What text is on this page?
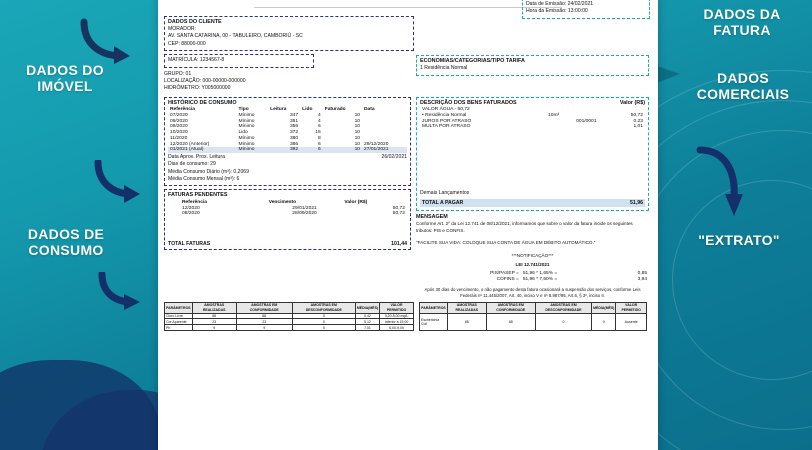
DADOS DO IMÓVEL
DADOS DE CONSUMO
DADOS DA FATURA
DADOS COMERCIAIS
"EXTRATO"
Data de Emissão: 24/02/2021
Hora da Emissão: 13:00:00
DADOS DO CLIENTE
MORADOR:
AV. SANTA CATARINA, 00 - TABULEIRO, CAMBORIÚ - SC
CEP: 88000-000
MATRÍCULA: 1234567-8
GRUPO: 01
LOCALIZAÇÃO: 000-00000-000000
HIDRÔMETRO: Y005000000
ECONOMIAS/CATEGORIAS/TIPO TARIFA
1 Residência Normal
HISTÓRICO DE CONSUMO
Referência	Tipo	Leitura	Lido	Faturado	Data
07/2020	Mínimo	347	4	10	
09/2020	Mínimo	351	4	10	
09/2020	Mínimo	356	6	10	
10/2020	Lido	372	15	10	
11/2020	Mínimo	380	8	10	
12/2020 (Anterior)	Mínimo	386	6	10	29/12/2020
01/2021 (Atual)	Mínimo	392	6	10	27/01/2021
Data Aprox. Prox. Leitura	26/02/2021
Dias de consumo: 29
Média Consumo Diário (m³): 0,2069
Média Consumo Mensal (m³): 6
FATURAS PENDENTES
Referência	Vencimento	Valor (R$)
12/2020	29/01/2021	50,72
08/2020	28/09/2020	50,72
TOTAL FATURAS	101,44
DESCRIÇÃO DOS BENS FATURADOS	Valor (R$)
VALOR ÁGUA - 50,72			
• Residência Normal	10m³		50,72
JUROS POR ATRASO		001/0001	0,23
MULTA POR ATRASO			1,01
Demais Lançamentos
TOTAL A PAGAR	51,96
MENSAGEM
Conforme Art. 2º da Lei 12.741 de 08/12/2021, informamos que sobre o valor da fatura incide os seguintes tributos: PIS e CONFIS.
"FACILITE SUA VIDA: COLOQUE SUA CONTA DE ÁGUA EM DÉBITO AUTOMÁTICO."
***NOTIFICAÇÃO***
LEI 12.741/2021
PIS/PASEP =	51,96 * 1,65% =	0,85
COFINS =	51,96 * 7,60% =	3,94
Após 30 dias do vencimento, o não pagamento desta fatura ocasionará a suspensão dos serviços, conforme Leis Federais nº 11.445/2007, Art. 40, inciso V e nº 8.987/95, Art.6, § 3º, inciso II.
PARÂMETROS	AMOSTRAS REALIZADAS	AMOSTRAS EM CONFORMIDADE	AMOSTRAS EM DESCONFORMIDADE	MÉDIA(MÊS)	VALOR PERMITIDO
Cloro Livre	68	68	0	0,42	0,20-5,00 mg/L
Cor Aparente	23	23	0	5,12	Inferior a 15,00
Ph	9	9	0	7,01	6,00-9,00
PARÂMETROS	AMOSTRAS REALIZADAS	AMOSTRAS EM CONFORMIDADE	AMOSTRAS EM DESCONFORMIDADE	MÉDIA(MÊS)	VALOR PERMITIDO
Escherichia Coli	68	68	0	0	Ausente
